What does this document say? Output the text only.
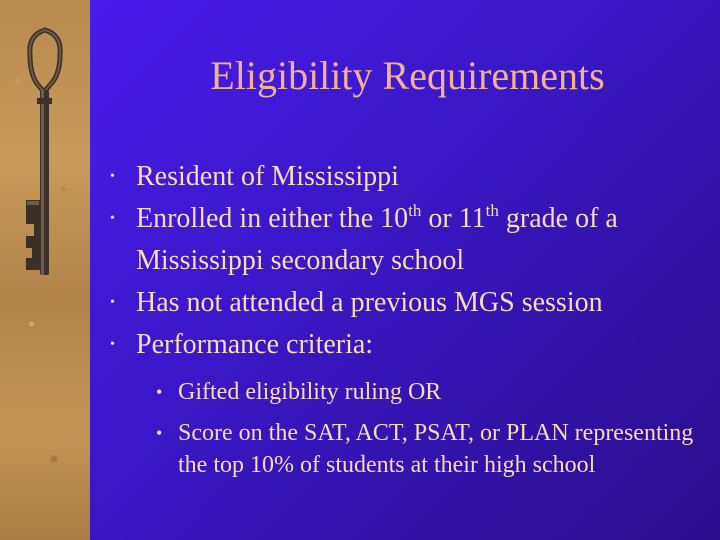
Eligibility Requirements
• Resident of Mississippi
• Enrolled in either the 10th or 11th grade of a Mississippi secondary school
• Has not attended a previous MGS session
• Performance criteria:
• Gifted eligibility ruling OR
• Score on the SAT, ACT, PSAT, or PLAN representing the top 10% of students at their high school
